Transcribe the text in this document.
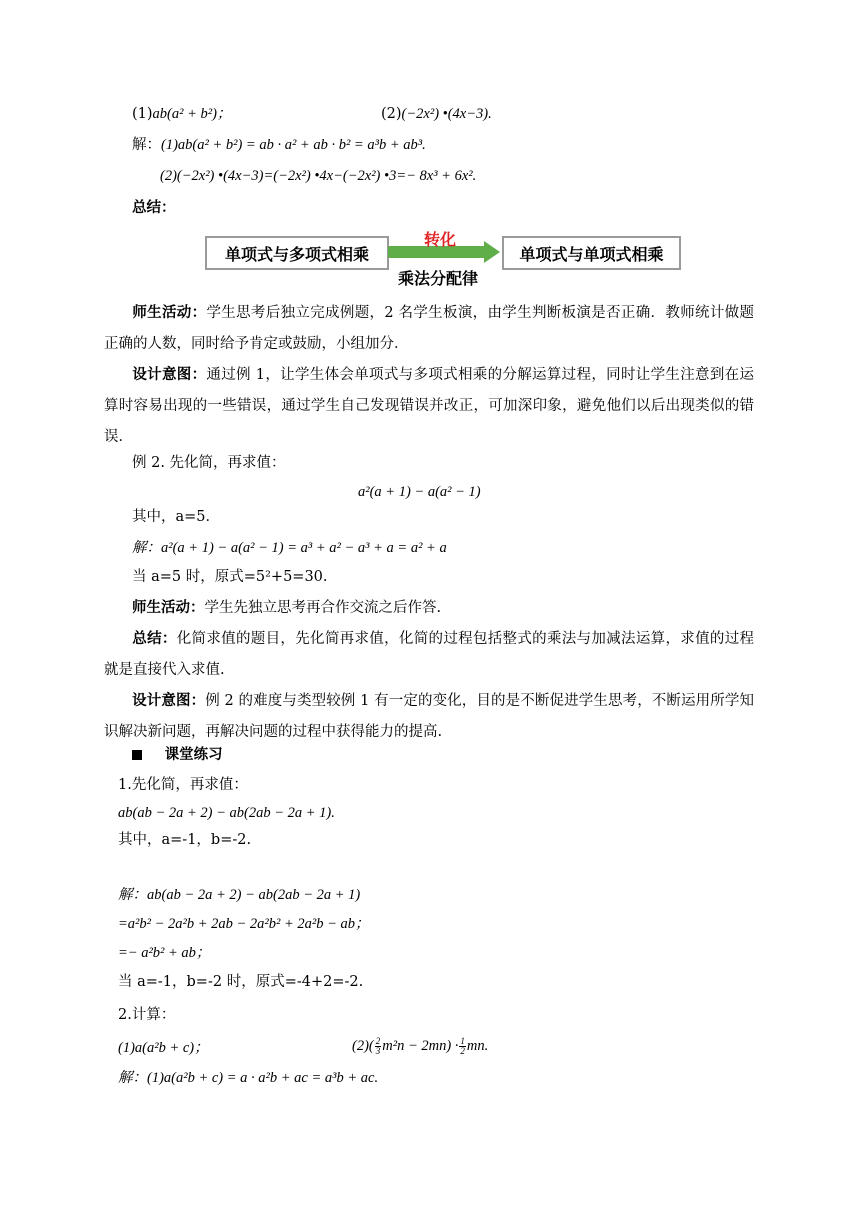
(1)ab(a² + b²)；	(2)(−2x²) •(4x−3).
解：(1)ab(a² + b²) = ab · a² + ab · b² = a³b + ab³.
(2)(−2x²) •(4x−3)=(−2x²) •4x−(−2x²) •3=− 8x³ + 6x².
总结：
单项式与多项式相乘
转化
乘法分配律
单项式与单项式相乘
师生活动：学生思考后独立完成例题，2 名学生板演，由学生判断板演是否正确．教师统计做题正确的人数，同时给予肯定或鼓励，小组加分．
设计意图：通过例 1，让学生体会单项式与多项式相乘的分解运算过程，同时让学生注意到在运算时容易出现的一些错误，通过学生自己发现错误并改正，可加深印象，避免他们以后出现类似的错误．
例 2. 先化简，再求值：
a²(a + 1) − a(a² − 1)
其中，a=5．
解：a²(a + 1) − a(a² − 1) = a³ + a² − a³ + a = a² + a
当 a=5 时，原式=5²+5=30.
师生活动：学生先独立思考再合作交流之后作答.
总结：化简求值的题目，先化简再求值，化简的过程包括整式的乘法与加减法运算，求值的过程就是直接代入求值.
设计意图：例 2 的难度与类型较例 1 有一定的变化，目的是不断促进学生思考，不断运用所学知识解决新问题，再解决问题的过程中获得能力的提高.
课堂练习
1.先化简，再求值：
ab(ab − 2a + 2) − ab(2ab − 2a + 1).
其中，a=-1，b=-2.
解：ab(ab − 2a + 2) − ab(2ab − 2a + 1)
=a²b² − 2a²b + 2ab − 2a²b² + 2a²b − ab；
=− a²b² + ab；
当 a=-1，b=-2 时，原式=-4+2=-2.
2.计算：
(1)a(a²b + c)；	$(2)( \frac{2}{3} m^2n - 2mn) \cdot \frac{1}{2}$ mn.
解：(1)a(a²b + c) = a · a²b + ac = a³b + ac.
